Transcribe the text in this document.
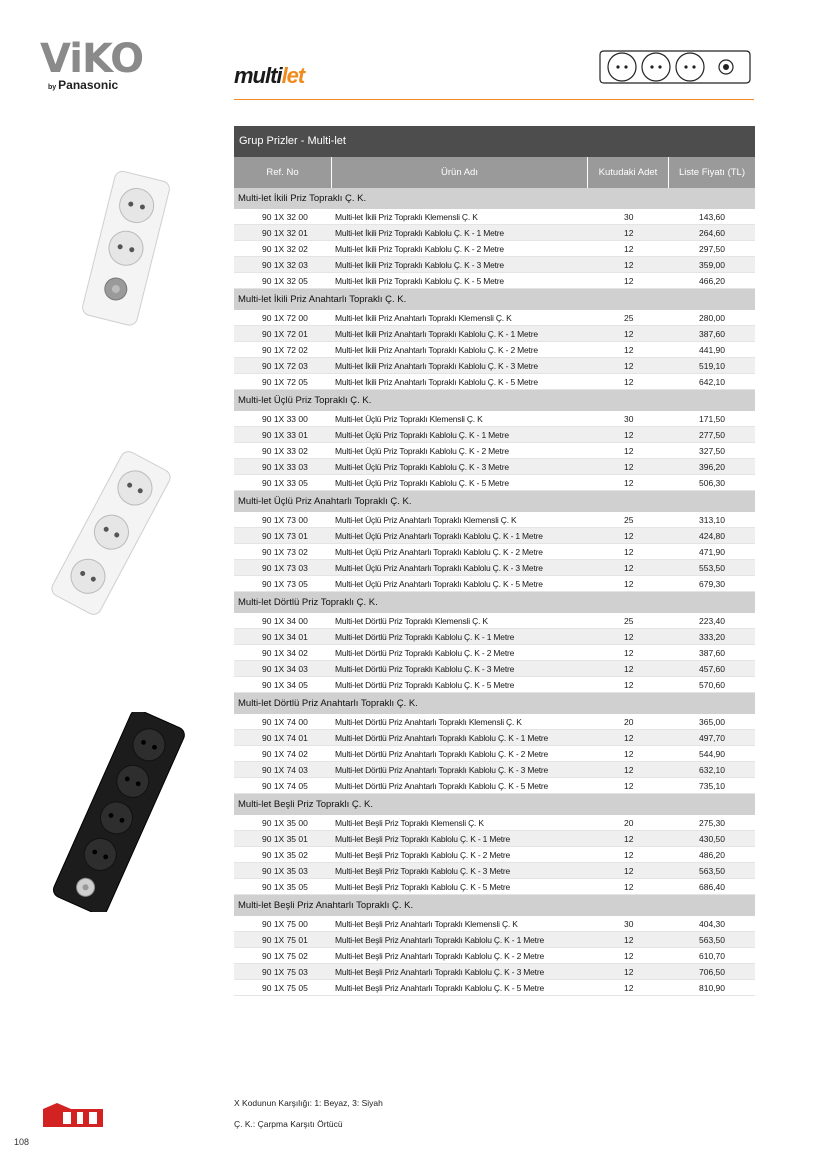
ViKO
by Panasonic	multilet
Grup Prizler - Multi-let
Ref. No	Ürün Adı	Kutudaki Adet	Liste Fiyatı (TL)
Multi-let İkili Priz Topraklı Ç. K.
90 1X 32 00	Multi-let İkili Priz Topraklı Klemensli Ç. K	30	143,60
90 1X 32 01	Multi-let İkili Priz Topraklı Kablolu Ç. K - 1 Metre	12	264,60
90 1X 32 02	Multi-let İkili Priz Topraklı Kablolu Ç. K - 2 Metre	12	297,50
90 1X 32 03	Multi-let İkili Priz Topraklı Kablolu Ç. K - 3 Metre	12	359,00
90 1X 32 05	Multi-let İkili Priz Topraklı Kablolu Ç. K - 5 Metre	12	466,20
Multi-let İkili Priz Anahtarlı Topraklı Ç. K.
90 1X 72 00	Multi-let İkili Priz Anahtarlı Topraklı Klemensli Ç. K	25	280,00
90 1X 72 01	Multi-let İkili Priz Anahtarlı Topraklı Kablolu Ç. K - 1 Metre	12	387,60
90 1X 72 02	Multi-let İkili Priz Anahtarlı Topraklı Kablolu Ç. K - 2 Metre	12	441,90
90 1X 72 03	Multi-let İkili Priz Anahtarlı Topraklı Kablolu Ç. K - 3 Metre	12	519,10
90 1X 72 05	Multi-let İkili Priz Anahtarlı Topraklı Kablolu Ç. K - 5 Metre	12	642,10
Multi-let Üçlü Priz Topraklı Ç. K.
90 1X 33 00	Multi-let Üçlü Priz Topraklı Klemensli Ç. K	30	171,50
90 1X 33 01	Multi-let Üçlü Priz Topraklı Kablolu Ç. K - 1 Metre	12	277,50
90 1X 33 02	Multi-let Üçlü Priz Topraklı Kablolu Ç. K - 2 Metre	12	327,50
90 1X 33 03	Multi-let Üçlü Priz Topraklı Kablolu Ç. K - 3 Metre	12	396,20
90 1X 33 05	Multi-let Üçlü Priz Topraklı Kablolu Ç. K - 5 Metre	12	506,30
Multi-let Üçlü Priz Anahtarlı Topraklı Ç. K.
90 1X 73 00	Multi-let Üçlü Priz Anahtarlı Topraklı Klemensli Ç. K	25	313,10
90 1X 73 01	Multi-let Üçlü Priz Anahtarlı Topraklı Kablolu Ç. K - 1 Metre	12	424,80
90 1X 73 02	Multi-let Üçlü Priz Anahtarlı Topraklı Kablolu Ç. K - 2 Metre	12	471,90
90 1X 73 03	Multi-let Üçlü Priz Anahtarlı Topraklı Kablolu Ç. K - 3 Metre	12	553,50
90 1X 73 05	Multi-let Üçlü Priz Anahtarlı Topraklı Kablolu Ç. K - 5 Metre	12	679,30
Multi-let Dörtlü Priz Topraklı Ç. K.
90 1X 34 00	Multi-let Dörtlü Priz Topraklı Klemensli Ç. K	25	223,40
90 1X 34 01	Multi-let Dörtlü Priz Topraklı Kablolu Ç. K - 1 Metre	12	333,20
90 1X 34 02	Multi-let Dörtlü Priz Topraklı Kablolu Ç. K - 2 Metre	12	387,60
90 1X 34 03	Multi-let Dörtlü Priz Topraklı Kablolu Ç. K - 3 Metre	12	457,60
90 1X 34 05	Multi-let Dörtlü Priz Topraklı Kablolu Ç. K - 5 Metre	12	570,60
Multi-let Dörtlü Priz Anahtarlı Topraklı Ç. K.
90 1X 74 00	Multi-let Dörtlü Priz Anahtarlı Topraklı Klemensli Ç. K	20	365,00
90 1X 74 01	Multi-let Dörtlü Priz Anahtarlı Topraklı Kablolu Ç. K - 1 Metre	12	497,70
90 1X 74 02	Multi-let Dörtlü Priz Anahtarlı Topraklı Kablolu Ç. K - 2 Metre	12	544,90
90 1X 74 03	Multi-let Dörtlü Priz Anahtarlı Topraklı Kablolu Ç. K - 3 Metre	12	632,10
90 1X 74 05	Multi-let Dörtlü Priz Anahtarlı Topraklı Kablolu Ç. K - 5 Metre	12	735,10
Multi-let Beşli Priz Topraklı Ç. K.
90 1X 35 00	Multi-let Beşli Priz Topraklı Klemensli Ç. K	20	275,30
90 1X 35 01	Multi-let Beşli Priz Topraklı Kablolu Ç. K - 1 Metre	12	430,50
90 1X 35 02	Multi-let Beşli Priz Topraklı Kablolu Ç. K - 2 Metre	12	486,20
90 1X 35 03	Multi-let Beşli Priz Topraklı Kablolu Ç. K - 3 Metre	12	563,50
90 1X 35 05	Multi-let Beşli Priz Topraklı Kablolu Ç. K - 5 Metre	12	686,40
Multi-let Beşli Priz Anahtarlı Topraklı Ç. K.
90 1X 75 00	Multi-let Beşli Priz Anahtarlı Topraklı Klemensli Ç. K	30	404,30
90 1X 75 01	Multi-let Beşli Priz Anahtarlı Topraklı Kablolu Ç. K - 1 Metre	12	563,50
90 1X 75 02	Multi-let Beşli Priz Anahtarlı Topraklı Kablolu Ç. K - 2 Metre	12	610,70
90 1X 75 03	Multi-let Beşli Priz Anahtarlı Topraklı Kablolu Ç. K - 3 Metre	12	706,50
90 1X 75 05	Multi-let Beşli Priz Anahtarlı Topraklı Kablolu Ç. K - 5 Metre	12	810,90
X Kodunun Karşılığı: 1: Beyaz, 3: Siyah
Ç. K.: Çarpma Karşıtı Örtücü
108
